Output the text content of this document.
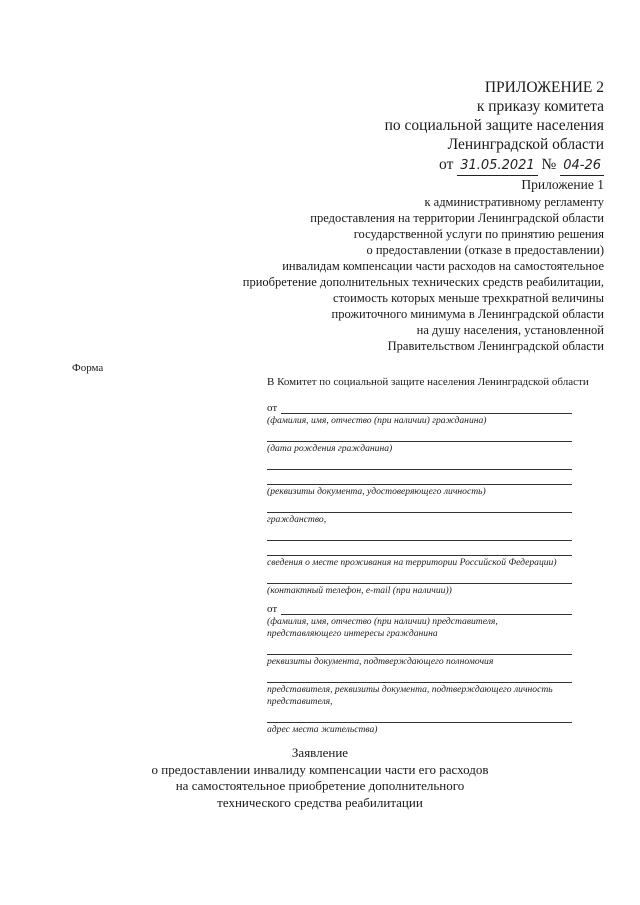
ПРИЛОЖЕНИЕ 2
к приказу комитета
по социальной защите населения
Ленинградской области
от 31.05.2021 № 04-26
Приложение 1
к административному регламенту
предоставления на территории Ленинградской области
государственной услуги по принятию решения
о предоставлении (отказе в предоставлении)
инвалидам компенсации части расходов на самостоятельное
приобретение дополнительных технических средств реабилитации,
стоимость которых меньше трехкратной величины
прожиточного минимума в Ленинградской области
на душу населения, установленной
Правительством Ленинградской области
Форма
В Комитет по социальной защите населения Ленинградской области
от
(фамилия, имя, отчество (при наличии) гражданина)
(дата рождения гражданина)
(реквизиты документа, удостоверяющего личность)
гражданство,
сведения о месте проживания на территории Российской Федерации)
(контактный телефон, e-mail (при наличии))
от
(фамилия, имя, отчество (при наличии) представителя, представляющего интересы гражданина
реквизиты документа, подтверждающего полномочия
представителя, реквизиты документа, подтверждающего личность представителя,
адрес места жительства)
Заявление
о предоставлении инвалиду компенсации части его расходов
на самостоятельное приобретение дополнительного
технического средства реабилитации
